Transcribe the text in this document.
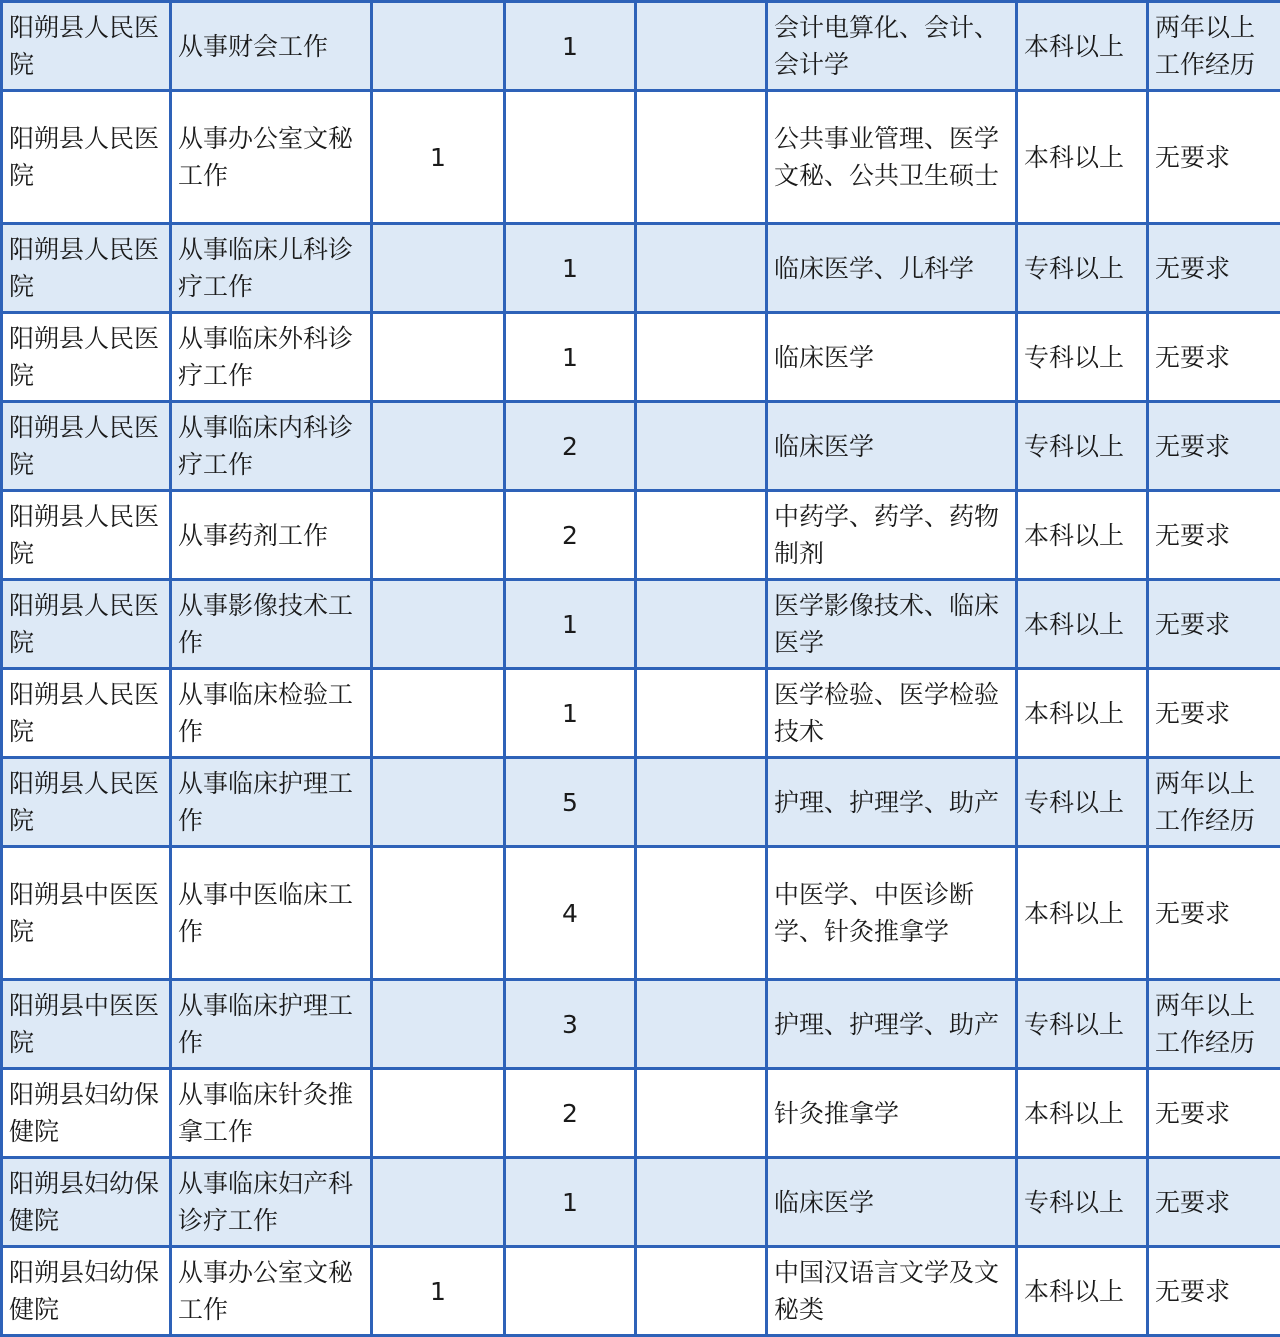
阳朔县人民医院	从事财会工作		1		会计电算化、会计、会计学	本科以上	两年以上工作经历
阳朔县人民医院	从事办公室文秘工作	1			公共事业管理、医学文秘、公共卫生硕士	本科以上	无要求
阳朔县人民医院	从事临床儿科诊疗工作		1		临床医学、儿科学	专科以上	无要求
阳朔县人民医院	从事临床外科诊疗工作		1		临床医学	专科以上	无要求
阳朔县人民医院	从事临床内科诊疗工作		2		临床医学	专科以上	无要求
阳朔县人民医院	从事药剂工作		2		中药学、药学、药物制剂	本科以上	无要求
阳朔县人民医院	从事影像技术工作		1		医学影像技术、临床医学	本科以上	无要求
阳朔县人民医院	从事临床检验工作		1		医学检验、医学检验技术	本科以上	无要求
阳朔县人民医院	从事临床护理工作		5		护理、护理学、助产	专科以上	两年以上工作经历
阳朔县中医医院	从事中医临床工作		4		中医学、中医诊断学、针灸推拿学	本科以上	无要求
阳朔县中医医院	从事临床护理工作		3		护理、护理学、助产	专科以上	两年以上工作经历
阳朔县妇幼保健院	从事临床针灸推拿工作		2		针灸推拿学	本科以上	无要求
阳朔县妇幼保健院	从事临床妇产科诊疗工作		1		临床医学	专科以上	无要求
阳朔县妇幼保健院	从事办公室文秘工作	1			中国汉语言文学及文秘类	本科以上	无要求
